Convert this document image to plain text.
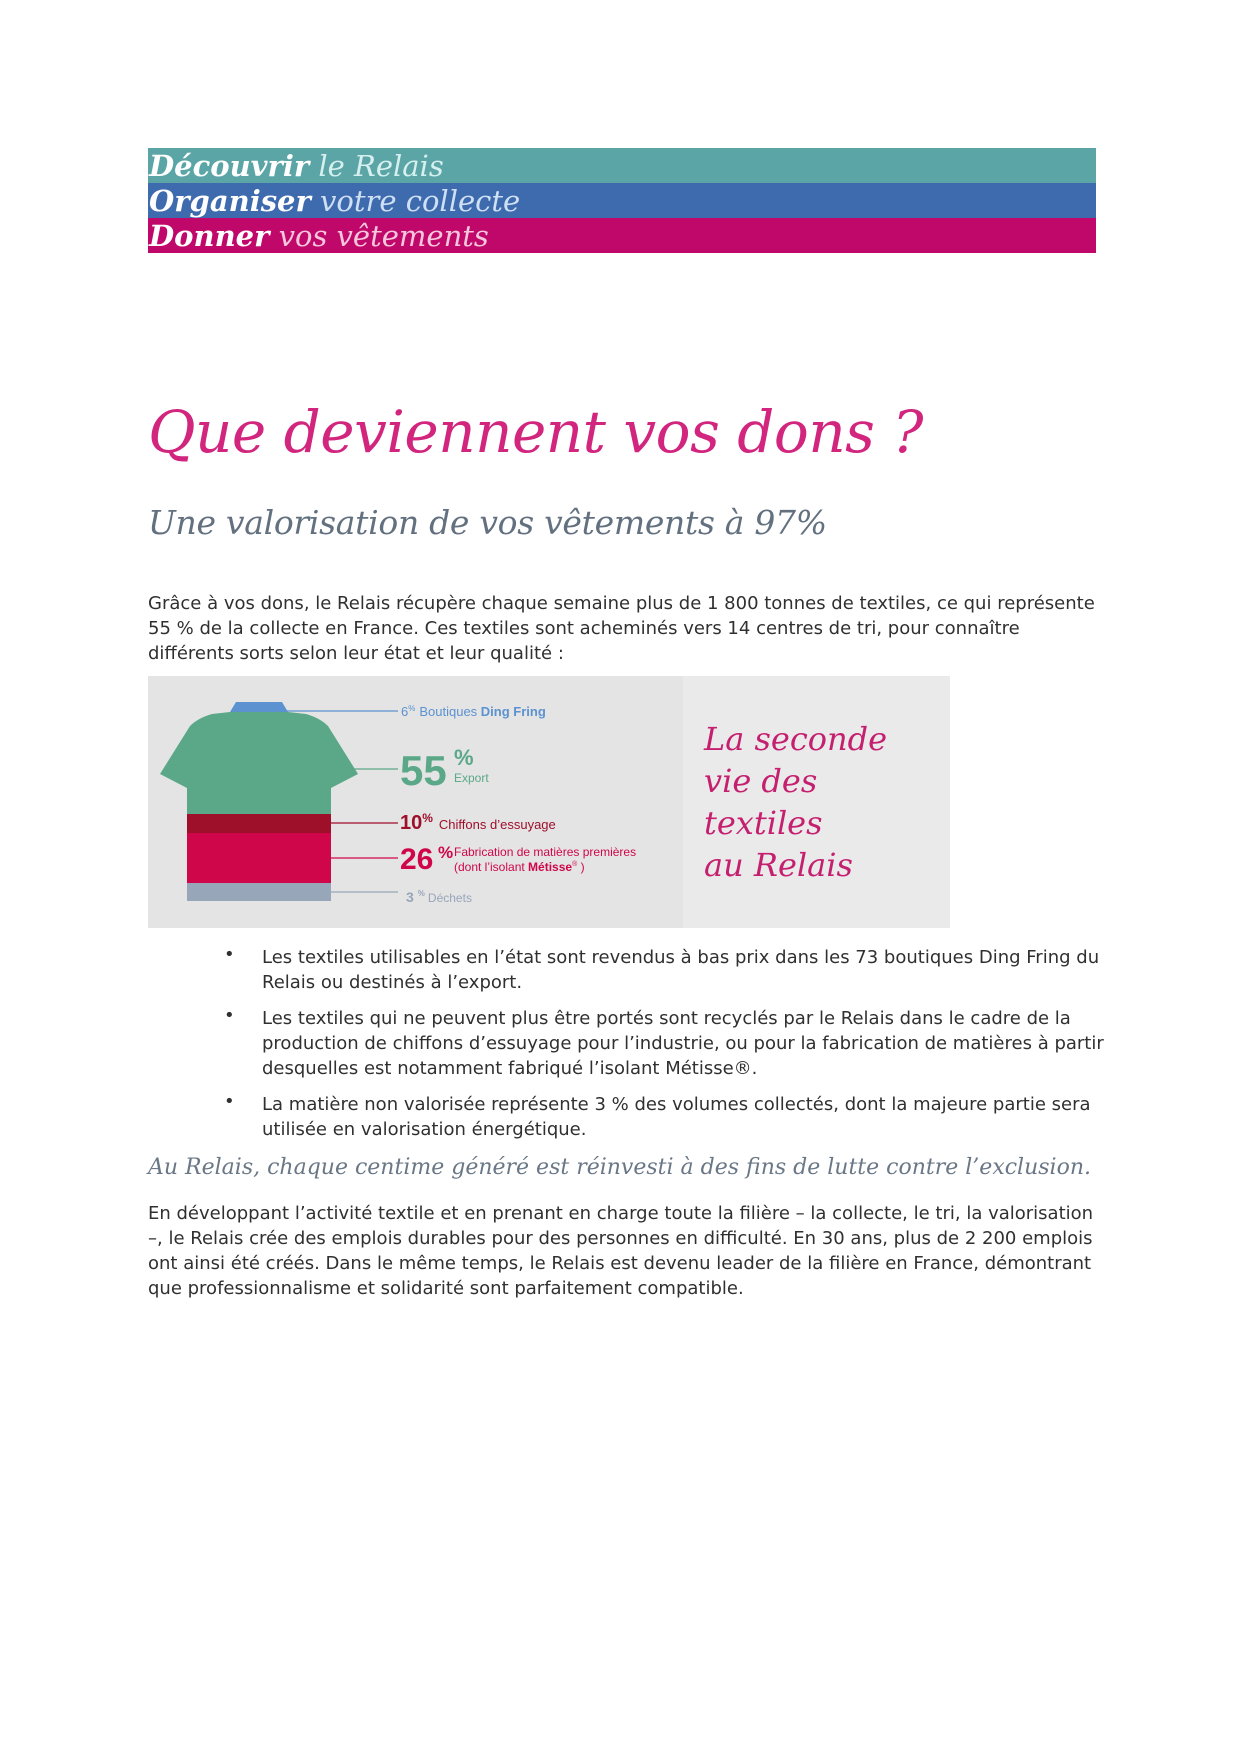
Découvrir le Relais
Organiser votre collecte
Donner vos vêtements
Que deviennent vos dons ?
Une valorisation de vos vêtements à 97%

Grâce à vos dons, le Relais récupère chaque semaine plus de 1 800 tonnes de textiles, ce qui représente 55 % de la collecte en France. Ces textiles sont acheminés vers 14 centres de tri, pour connaître différents sorts selon leur état et leur qualité :

6% Boutiques Ding Fring
55 %
Export
10% $_{Chiffons d’essuyage}$
26 % Fabrication de matières premières
(dont l’isolant Métisse® )
3 % Déchets
La seconde
vie des
textiles
au Relais
• Les textiles utilisables en l’état sont revendus à bas prix dans les 73 boutiques Ding Fring du Relais ou destinés à l’export.
• Les textiles qui ne peuvent plus être portés sont recyclés par le Relais dans le cadre de la production de chiffons d’essuyage pour l’industrie, ou pour la fabrication de matières à partir desquelles est notamment fabriqué l’isolant Métisse®.
• La matière non valorisée représente 3 % des volumes collectés, dont la majeure partie sera utilisée en valorisation énergétique.

Au Relais, chaque centime généré est réinvesti à des fins de lutte contre l’exclusion.

En développant l’activité textile et en prenant en charge toute la filière – la collecte, le tri, la valorisation –, le Relais crée des emplois durables pour des personnes en difficulté. En 30 ans, plus de 2 200 emplois ont ainsi été créés. Dans le même temps, le Relais est devenu leader de la filière en France, démontrant que professionnalisme et solidarité sont parfaitement compatible.
